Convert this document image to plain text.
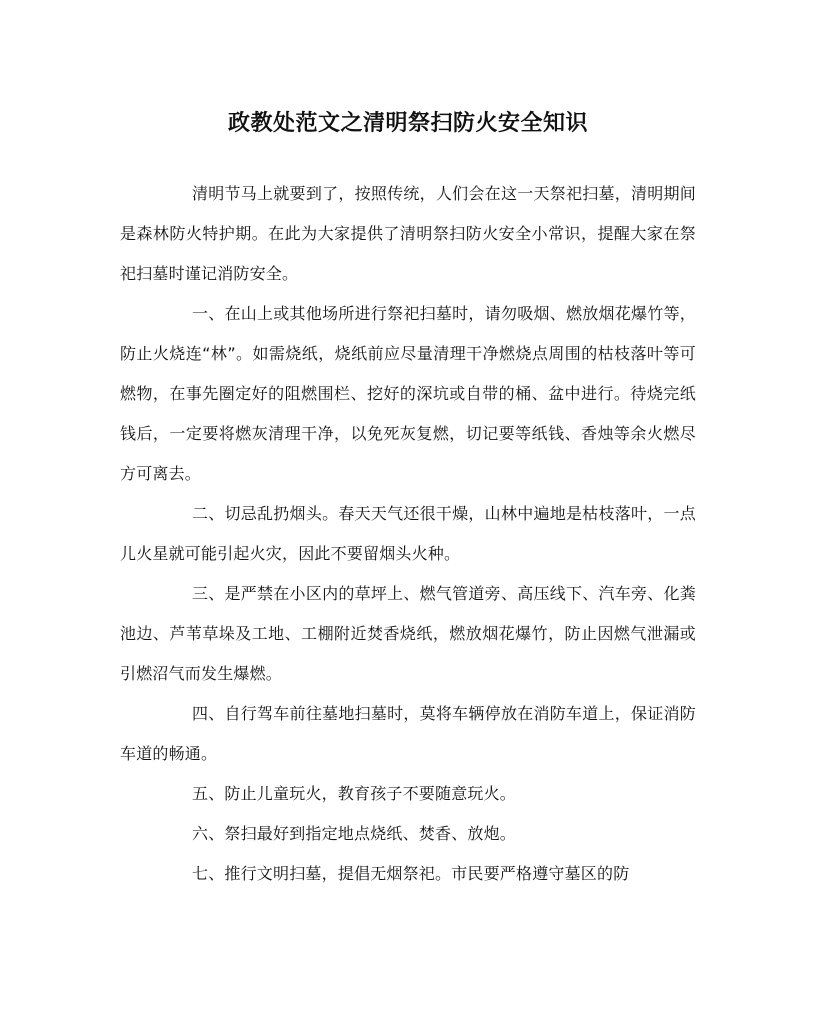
政教处范文之清明祭扫防火安全知识

清明节马上就要到了，按照传统，人们会在这一天祭祀扫墓，清明期间是森林防火特护期。在此为大家提供了清明祭扫防火安全小常识，提醒大家在祭祀扫墓时谨记消防安全。

一、在山上或其他场所进行祭祀扫墓时，请勿吸烟、燃放烟花爆竹等，防止火烧连“林”。如需烧纸，烧纸前应尽量清理干净燃烧点周围的枯枝落叶等可燃物，在事先圈定好的阻燃围栏、挖好的深坑或自带的桶、盆中进行。待烧完纸钱后，一定要将燃灰清理干净，以免死灰复燃，切记要等纸钱、香烛等余火燃尽方可离去。

二、切忌乱扔烟头。春天天气还很干燥，山林中遍地是枯枝落叶，一点儿火星就可能引起火灾，因此不要留烟头火种。

三、是严禁在小区内的草坪上、燃气管道旁、高压线下、汽车旁、化粪池边、芦苇草垛及工地、工棚附近焚香烧纸，燃放烟花爆竹，防止因燃气泄漏或引燃沼气而发生爆燃。

四、自行驾车前往墓地扫墓时，莫将车辆停放在消防车道上，保证消防车道的畅通。

五、防止儿童玩火，教育孩子不要随意玩火。

六、祭扫最好到指定地点烧纸、焚香、放炮。

七、推行文明扫墓，提倡无烟祭祀。市民要严格遵守墓区的防
